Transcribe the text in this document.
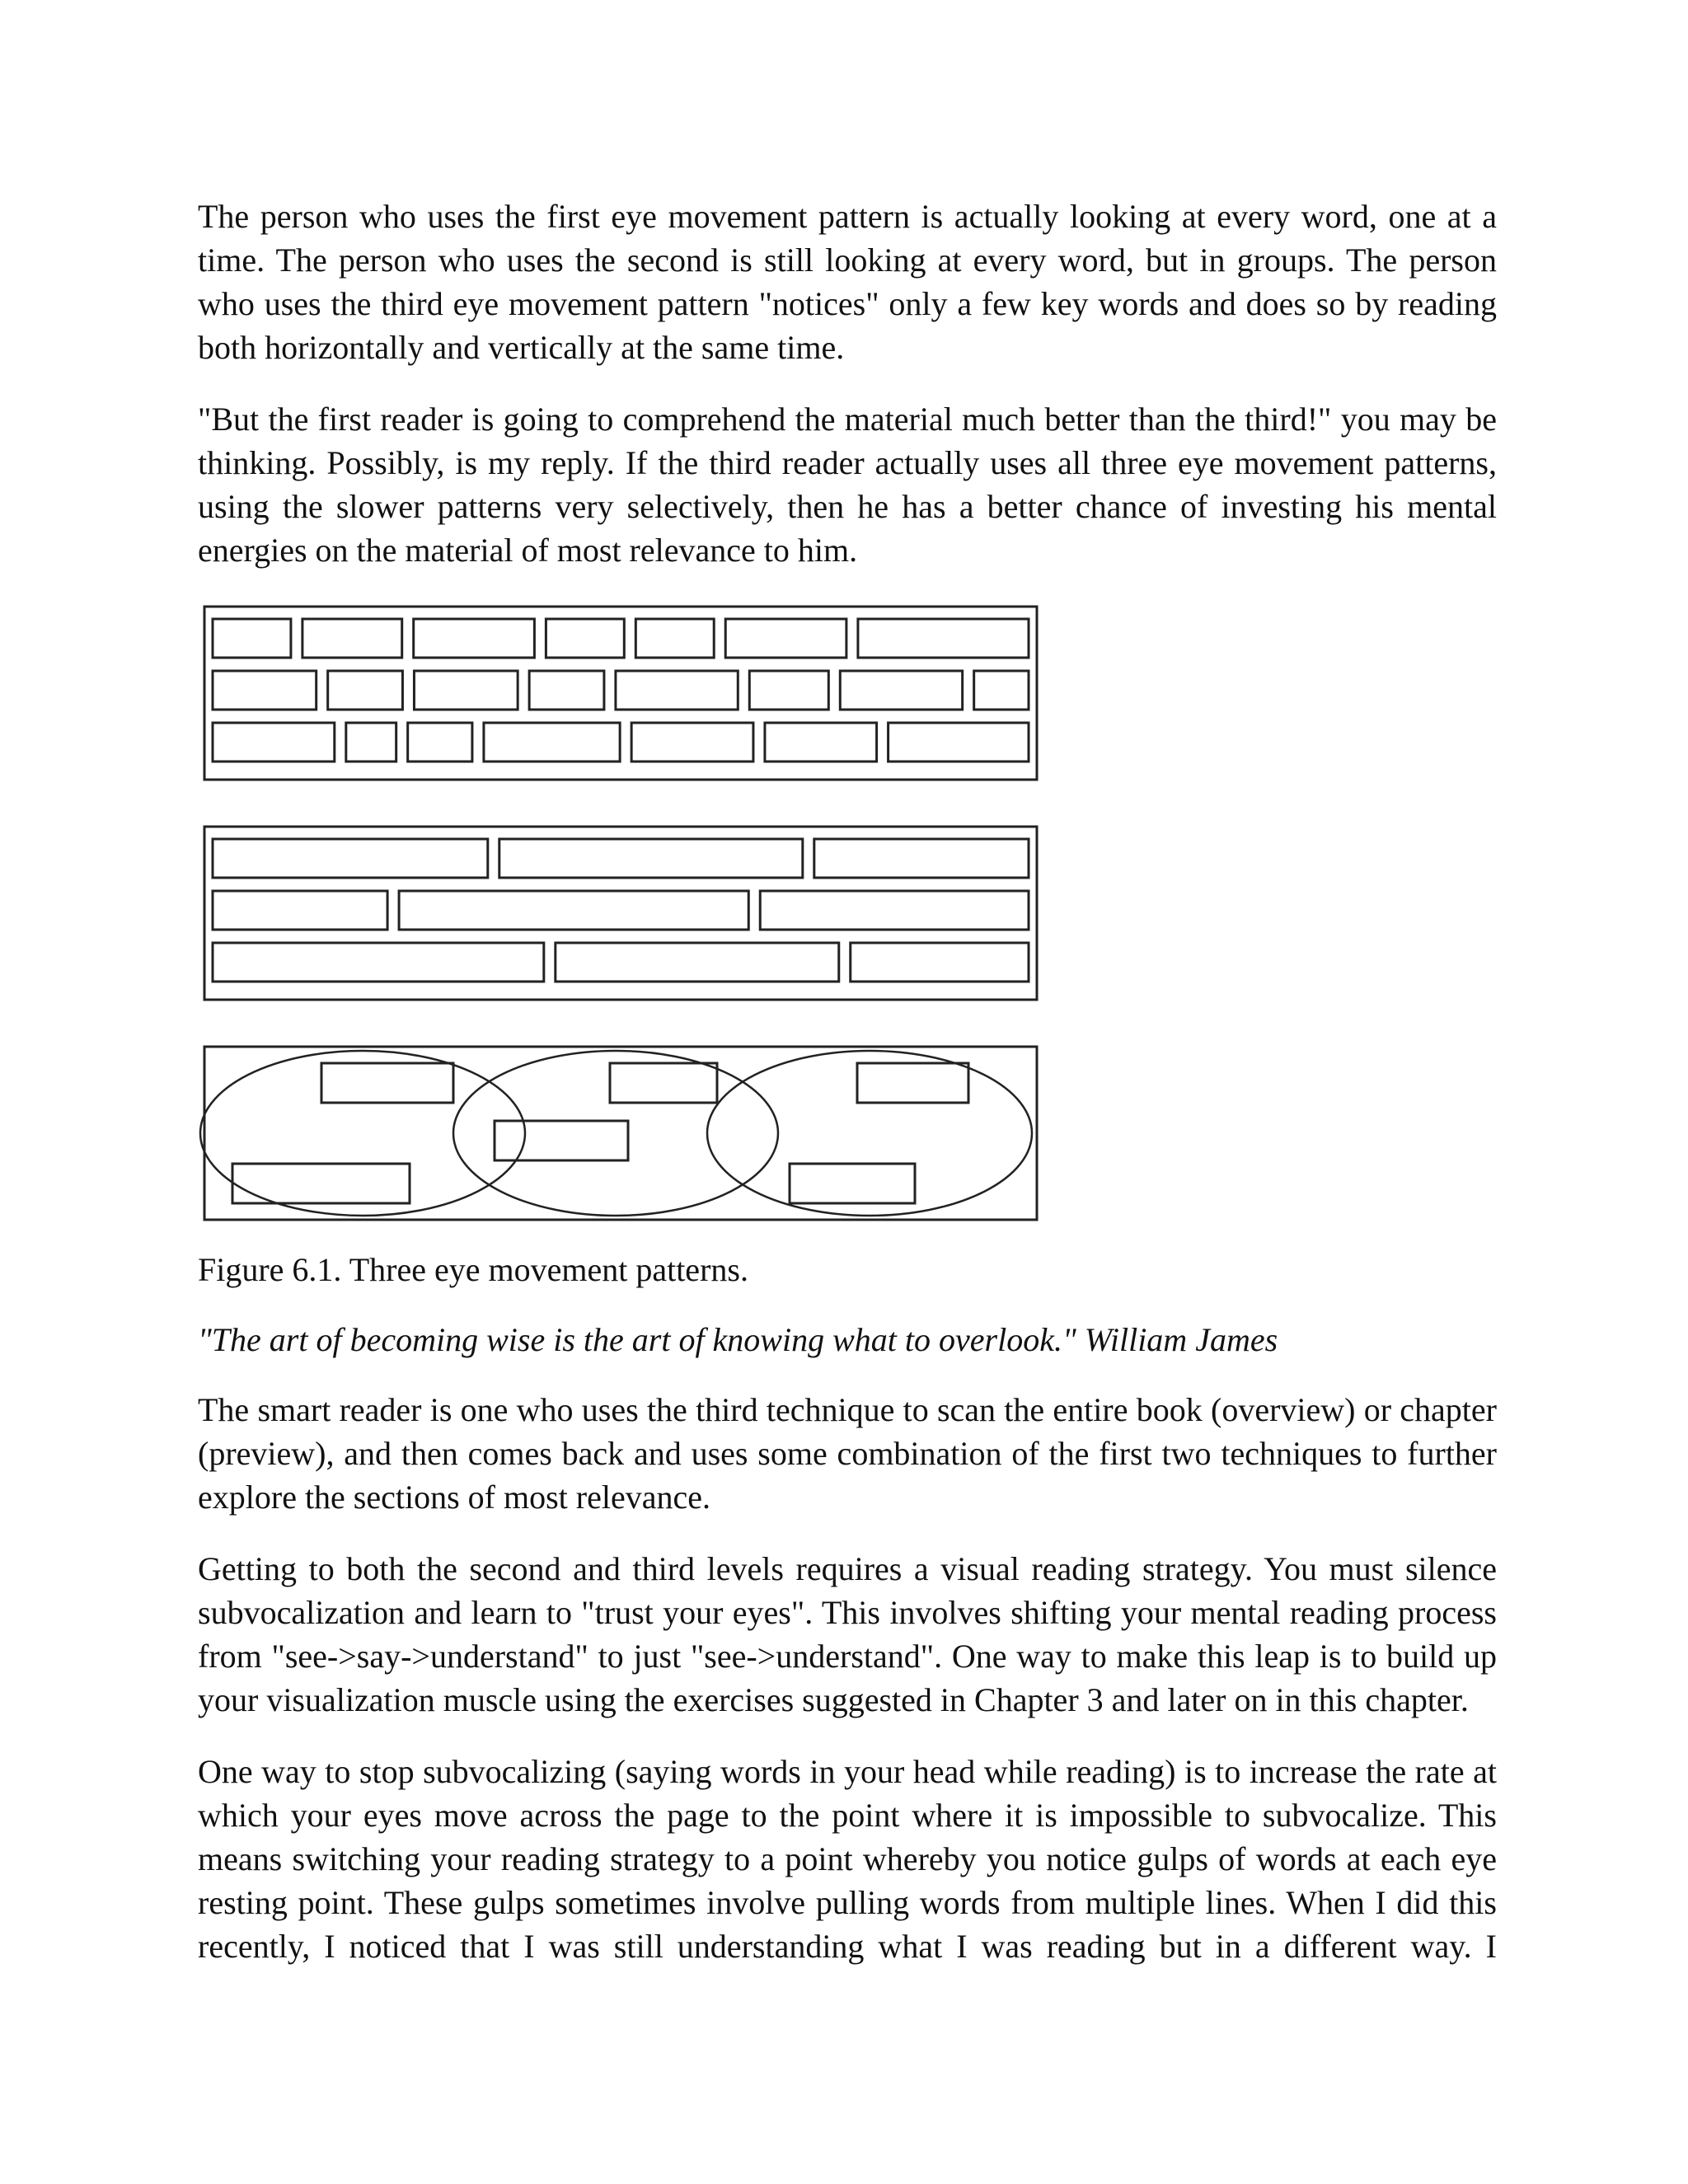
The person who uses the first eye movement pattern is actually looking at every word, one at a time. The person who uses the second is still looking at every word, but in groups. The person who uses the third eye movement pattern "notices" only a few key words and does so by reading both horizontally and vertically at the same time.

"But the first reader is going to comprehend the material much better than the third!" you may be thinking. Possibly, is my reply. If the third reader actually uses all three eye movement patterns, using the slower patterns very selectively, then he has a better chance of investing his mental energies on the material of most relevance to him.

Figure 6.1. Three eye movement patterns.

"The art of becoming wise is the art of knowing what to overlook." William James

The smart reader is one who uses the third technique to scan the entire book (overview) or chapter (preview), and then comes back and uses some combination of the first two techniques to further explore the sections of most relevance.

Getting to both the second and third levels requires a visual reading strategy. You must silence subvocalization and learn to "trust your eyes". This involves shifting your mental reading process from "see->say->understand" to just "see->understand". One way to make this leap is to build up your visualization muscle using the exercises suggested in Chapter 3 and later on in this chapter.

One way to stop subvocalizing (saying words in your head while reading) is to increase the rate at which your eyes move across the page to the point where it is impossible to subvocalize. This means switching your reading strategy to a point whereby you notice gulps of words at each eye resting point. These gulps sometimes involve pulling words from multiple lines. When I did this recently, I noticed that I was still understanding what I was reading but in a different way. I
